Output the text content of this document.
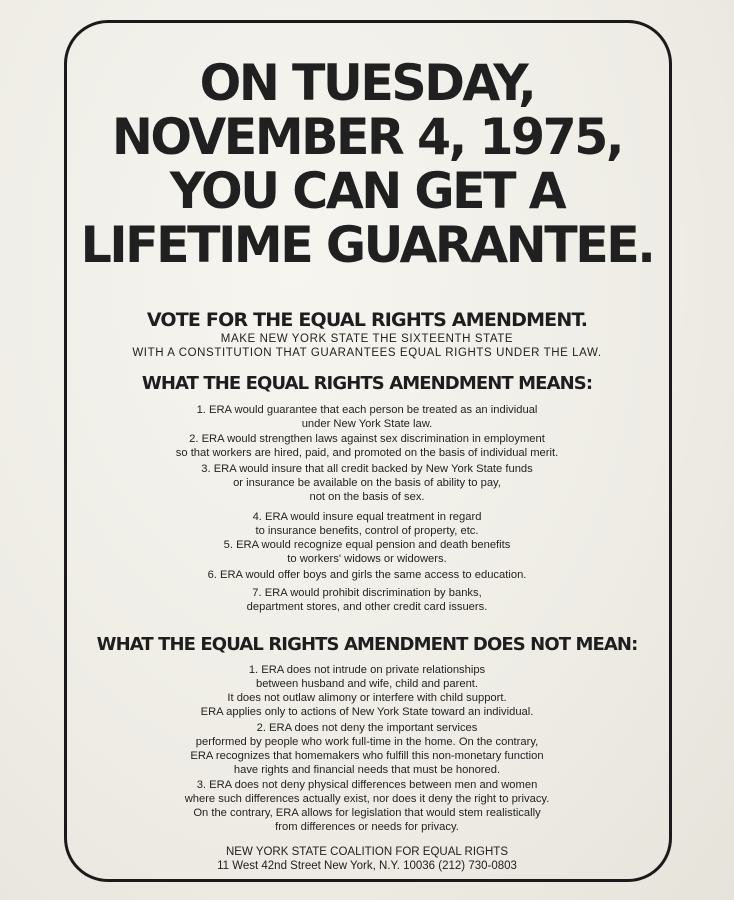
ON TUESDAY,
NOVEMBER 4, 1975,
YOU CAN GET A
LIFETIME GUARANTEE.
VOTE FOR THE EQUAL RIGHTS AMENDMENT.
MAKE NEW YORK STATE THE SIXTEENTH STATE
WITH A CONSTITUTION THAT GUARANTEES EQUAL RIGHTS UNDER THE LAW.
WHAT THE EQUAL RIGHTS AMENDMENT MEANS:
1. ERA would guarantee that each person be treated as an individual
under New York State law.
2. ERA would strengthen laws against sex discrimination in employment
so that workers are hired, paid, and promoted on the basis of individual merit.
3. ERA would insure that all credit backed by New York State funds
or insurance be available on the basis of ability to pay,
not on the basis of sex.
4. ERA would insure equal treatment in regard
to insurance benefits, control of property, etc.
5. ERA would recognize equal pension and death benefits
to workers' widows or widowers.
6. ERA would offer boys and girls the same access to education.
7. ERA would prohibit discrimination by banks,
department stores, and other credit card issuers.
WHAT THE EQUAL RIGHTS AMENDMENT DOES NOT MEAN:
1. ERA does not intrude on private relationships
between husband and wife, child and parent.
It does not outlaw alimony or interfere with child support.
ERA applies only to actions of New York State toward an individual.
2. ERA does not deny the important services
performed by people who work full-time in the home. On the contrary,
ERA recognizes that homemakers who fulfill this non-monetary function
have rights and financial needs that must be honored.
3. ERA does not deny physical differences between men and women
where such differences actually exist, nor does it deny the right to privacy.
On the contrary, ERA allows for legislation that would stem realistically
from differences or needs for privacy.
NEW YORK STATE COALITION FOR EQUAL RIGHTS
11 West 42nd Street New York, N.Y. 10036 (212) 730-0803
